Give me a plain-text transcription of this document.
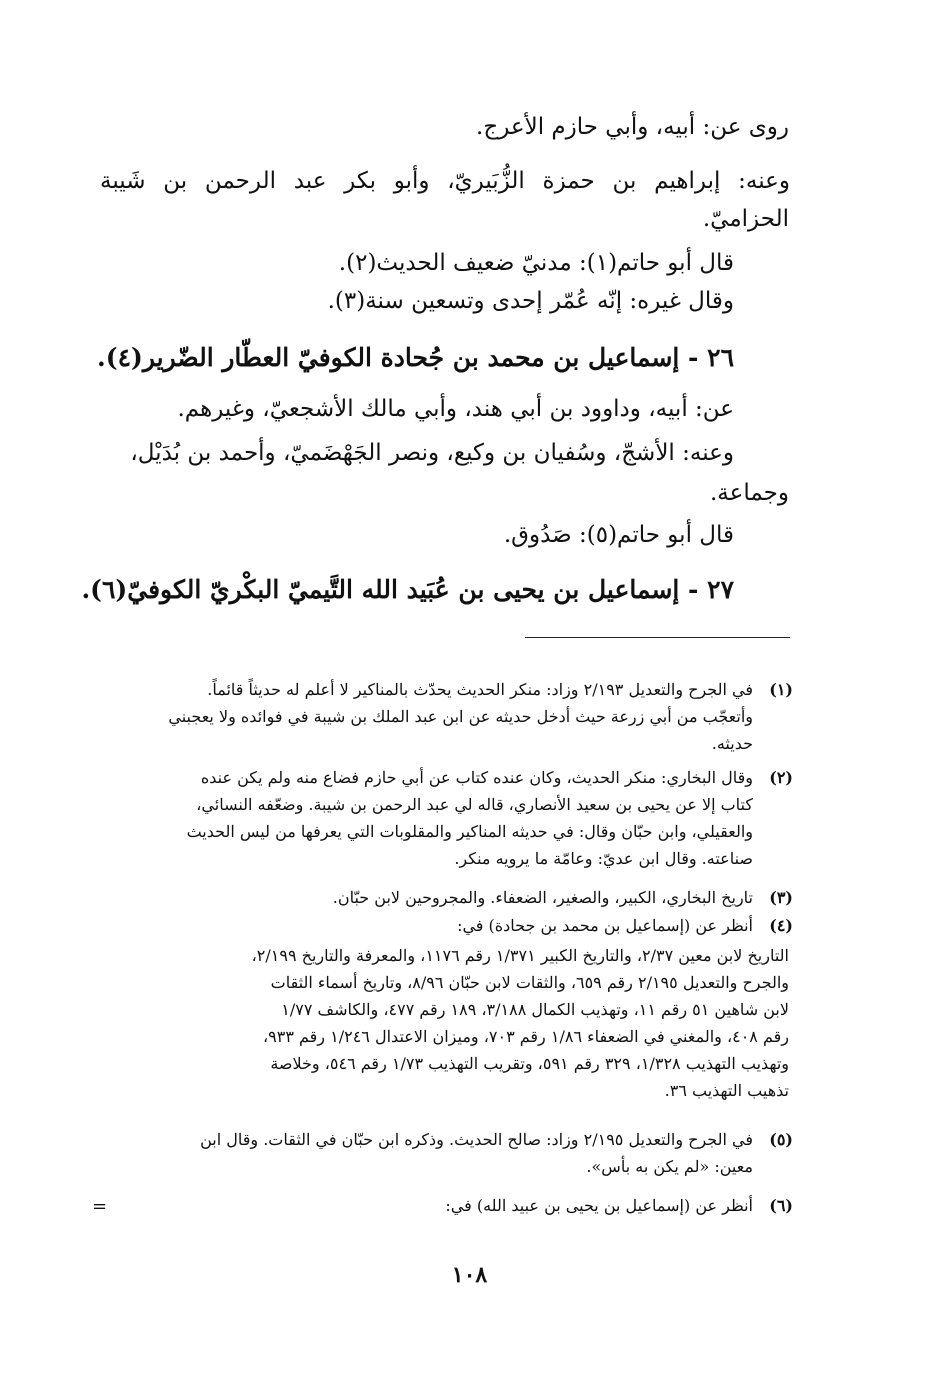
روى عن: أبيه، وأبي حازم الأعرج.
وعنه: إبراهيم بن حمزة الزُّبَيريّ، وأبو بكر عبد الرحمن بن شَيبة
الحزاميّ.
قال أبو حاتم(١): مدنيّ ضعيف الحديث(٢).
وقال غيره: إنّه عُمّر إحدى وتسعين سنة(٣).
٢٦ - إسماعيل بن محمد بن جُحادة الكوفيّ العطّار الضّرير(٤).
عن: أبيه، وداوود بن أبي هند، وأبي مالك الأشجعيّ، وغيرهم.
وعنه: الأشجّ، وسُفيان بن وكيع، ونصر الجَهْضَميّ، وأحمد بن بُدَيْل،
وجماعة.
قال أبو حاتم(٥): صَدُوق.
٢٧ - إسماعيل بن يحيى بن عُبَيد الله التَّيميّ البكْريّ الكوفيّ(٦).
(١)في الجرح والتعديل ٢/١٩٣ وزاد: منكر الحديث يحدّث بالمناكير لا أعلم له حديثاً قائماً.
وأتعجّب من أبي زرعة حيث أدخل حديثه عن ابن عبد الملك بن شيبة في فوائده ولا يعجبني
حديثه.
(٢)وقال البخاري: منكر الحديث، وكان عنده كتاب عن أبي حازم فضاع منه ولم يكن عنده
كتاب إلا عن يحيى بن سعيد الأنصاري، قاله لي عبد الرحمن بن شيبة. وضعّفه النسائي،
والعقيلي، وابن حبّان وقال: في حديثه المناكير والمقلوبات التي يعرفها من ليس الحديث
صناعته. وقال ابن عديّ: وعامّة ما يرويه منكر.
(٣)تاريخ البخاري، الكبير، والصغير، الضعفاء. والمجروحين لابن حبّان.
(٤)أنظر عن (إسماعيل بن محمد بن جحادة) في:
التاريخ لابن معين ٢/٣٧، والتاريخ الكبير ١/٣٧١ رقم ١١٧٦، والمعرفة والتاريخ ٢/١٩٩،
والجرح والتعديل ٢/١٩٥ رقم ٦٥٩، والثقات لابن حبّان ٨/٩٦، وتاريخ أسماء الثقات
لابن شاهين ٥١ رقم ١١، وتهذيب الكمال ٣/١٨٨، ١٨٩ رقم ٤٧٧، والكاشف ١/٧٧
رقم ٤٠٨، والمغني في الضعفاء ١/٨٦ رقم ٧٠٣، وميزان الاعتدال ١/٢٤٦ رقم ٩٣٣،
وتهذيب التهذيب ١/٣٢٨، ٣٢٩ رقم ٥٩١، وتقريب التهذيب ١/٧٣ رقم ٥٤٦، وخلاصة
تذهيب التهذيب ٣٦.
(٥)في الجرح والتعديل ٢/١٩٥ وزاد: صالح الحديث. وذكره ابن حبّان في الثقات. وقال ابن
معين: «لم يكن به بأس».
(٦)أنظر عن (إسماعيل بن يحيى بن عبيد الله) في:
=
١٠٨
